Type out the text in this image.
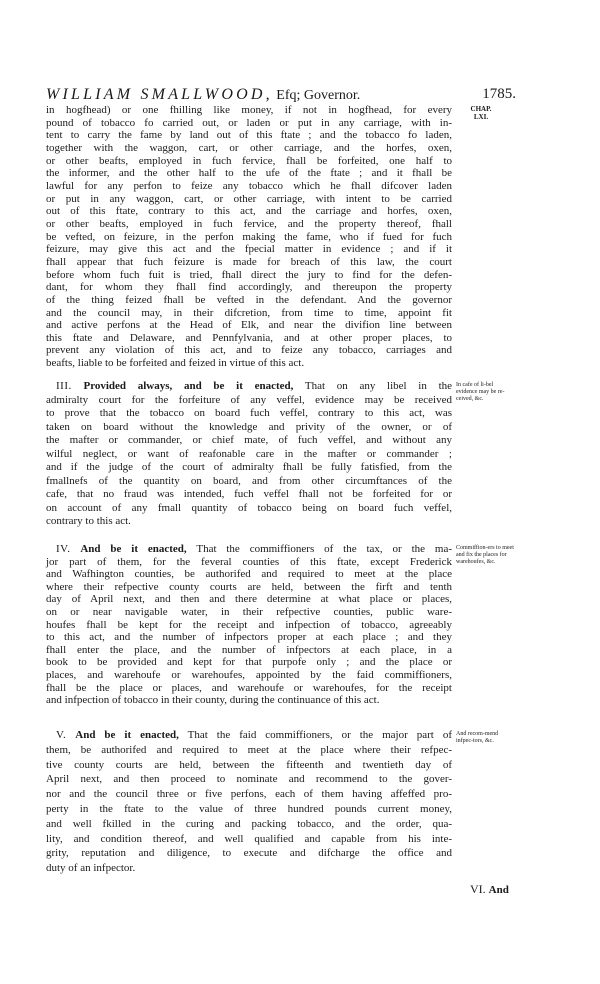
WILLIAM SMALLWOOD, Efq; Governor.	1785.
CHAP.
LXI.
in hogfhead) or one fhilling like money, if not in hogfhead, for every
pound of tobacco fo carried out, or laden or put in any carriage, with in-
tent to carry the fame by land out of this ftate ; and the tobacco fo laden,
together with the waggon, cart, or other carriage, and the horfes, oxen,
or other beafts, employed in fuch fervice, fhall be forfeited, one half to
the informer, and the other half to the ufe of the ftate ; and it fhall be
lawful for any perfon to feize any tobacco which he fhall difcover laden
or put in any waggon, cart, or other carriage, with intent to be carried
out of this ftate, contrary to this act, and the carriage and horfes, oxen,
or other beafts, employed in fuch fervice, and the property thereof, fhall
be vefted, on feizure, in the perfon making the fame, who if fued for fuch
feizure, may give this act and the fpecial matter in evidence ; and if it
fhall appear that fuch feizure is made for breach of this law, the court
before whom fuch fuit is tried, fhall direct the jury to find for the defen-
dant, for whom they fhall find accordingly, and thereupon the property
of the thing feized fhall be vefted in the defendant. And the governor
and the council may, in their difcretion, from time to time, appoint fit
and active perfons at the Head of Elk, and near the divifion line between
this ftate and Delaware, and Pennfylvania, and at other proper places, to
prevent any violation of this act, and to feize any tobacco, carriages and
beafts, liable to be forfeited and feized in virtue of this act.
III. Provided always, and be it enacted, That on any libel in the
admiralty court for the forfeiture of any veffel, evidence may be received
to prove that the tobacco on board fuch veffel, contrary to this act, was
taken on board without the knowledge and privity of the owner, or of
the mafter or commander, or chief mate, of fuch veffel, and without any
wilful neglect, or want of reafonable care in the mafter or commander ;
and if the judge of the court of admiralty fhall be fully fatisfied, from the
fmallnefs of the quantity on board, and from other circumftances of the
cafe, that no fraud was intended, fuch veffel fhall not be forfeited for or
on account of any fmall quantity of tobacco being on board fuch veffel,
contrary to this act.
In cafe of li-bel evidence may be re-ceived, &c.
IV. And be it enacted, That the commiffioners of the tax, or the ma-
jor part of them, for the feveral counties of this ftate, except Frederick
and Wafhington counties, be authorifed and required to meet at the place
where their refpective county courts are held, between the firft and tenth
day of April next, and then and there determine at what place or places,
on or near navigable water, in their refpective counties, public ware-
houfes fhall be kept for the receipt and infpection of tobacco, agreeably
to this act, and the number of infpectors proper at each place ; and they
fhall enter the place, and the number of infpectors at each place, in a
book to be provided and kept for that purpofe only ; and the place or
places, and warehoufe or warehoufes, appointed by the faid commiffioners,
fhall be the place or places, and warehoufe or warehoufes, for the receipt
and infpection of tobacco in their county, during the continuance of this act.
Commiffion-ers to meet and fix the places for warehoufes, &c.
V. And be it enacted, That the faid commiffioners, or the major part of
them, be authorifed and required to meet at the place where their refpec-
tive county courts are held, between the fifteenth and twentieth day of
April next, and then proceed to nominate and recommend to the gover-
nor and the council three or five perfons, each of them having affeffed pro-
perty in the ftate to the value of three hundred pounds current money,
and well fkilled in the curing and packing tobacco, and the order, qua-
lity, and condition thereof, and well qualified and capable from his inte-
grity, reputation and diligence, to execute and difcharge the office and
duty of an infpector.
And recom-mend infpec-tors, &c.
VI. And
